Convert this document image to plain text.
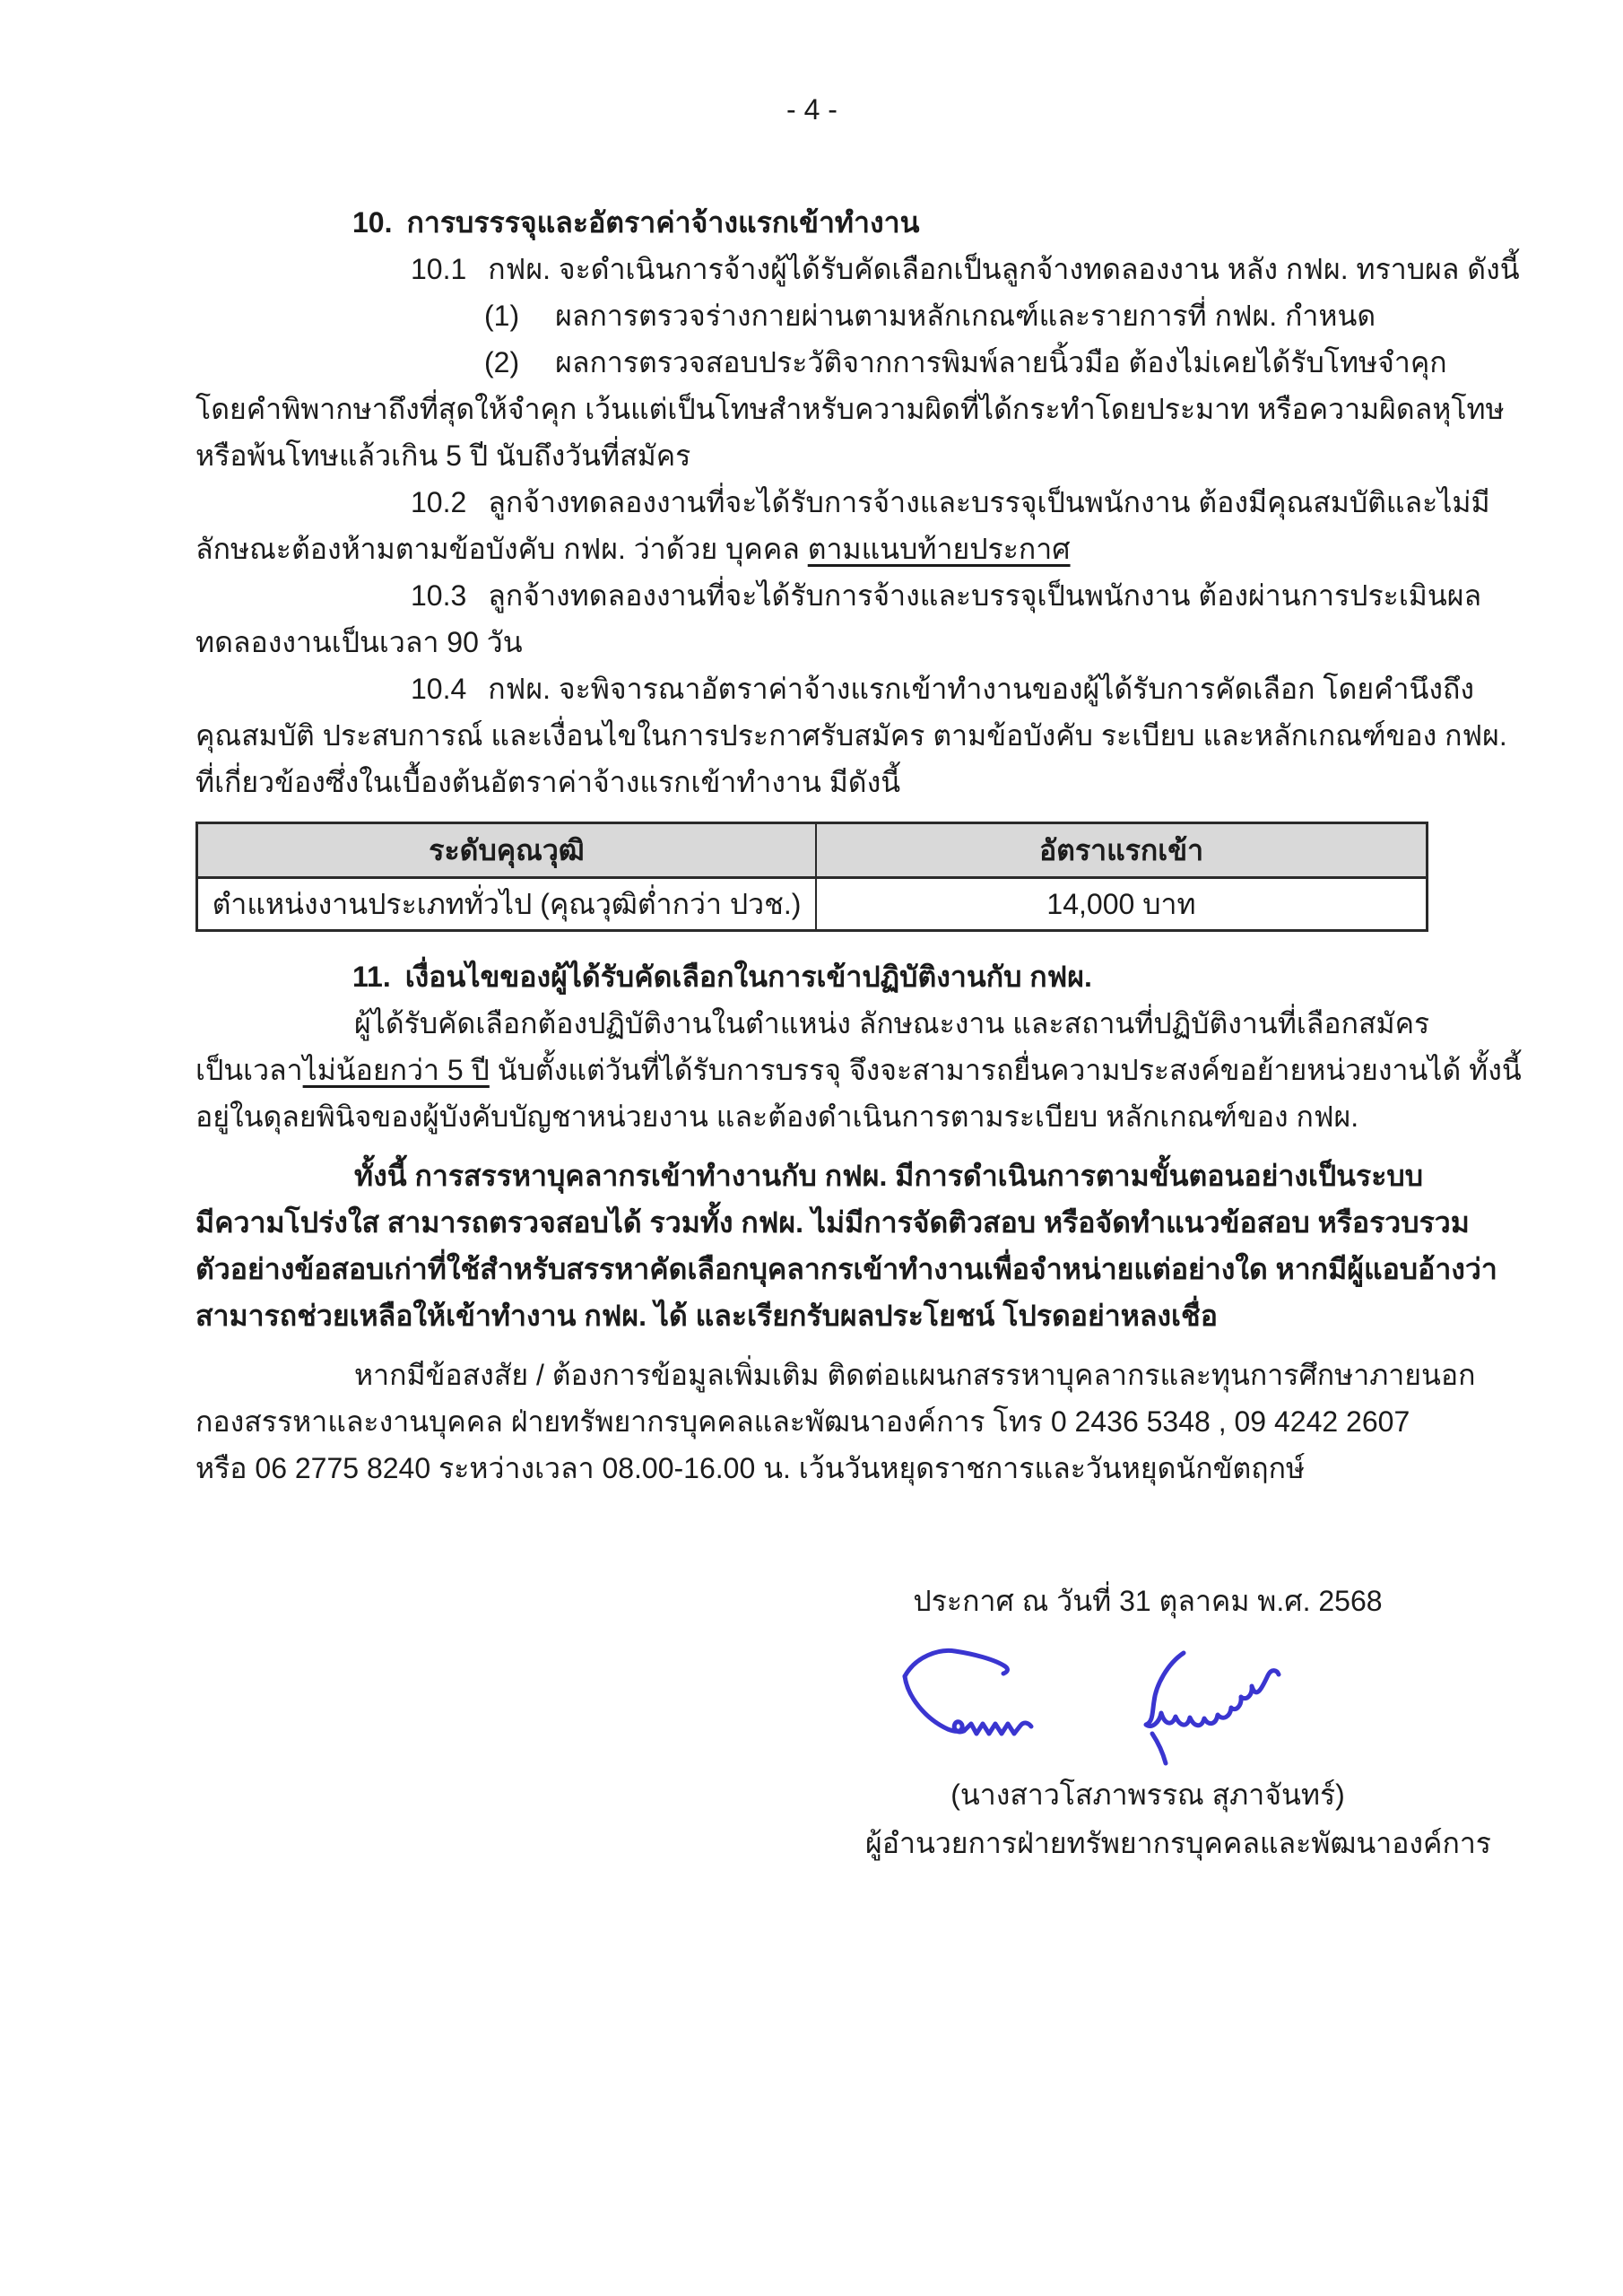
- 4 -
10. การบรรรจุและอัตราค่าจ้างแรกเข้าทำงาน
10.1 กฟผ. จะดำเนินการจ้างผู้ได้รับคัดเลือกเป็นลูกจ้างทดลองงาน หลัง กฟผ. ทราบผล ดังนี้
(1) ผลการตรวจร่างกายผ่านตามหลักเกณฑ์และรายการที่ กฟผ. กำหนด
(2) ผลการตรวจสอบประวัติจากการพิมพ์ลายนิ้วมือ ต้องไม่เคยได้รับโทษจำคุก
โดยคำพิพากษาถึงที่สุดให้จำคุก เว้นแต่เป็นโทษสำหรับความผิดที่ได้กระทำโดยประมาท หรือความผิดลหุโทษ
หรือพ้นโทษแล้วเกิน 5 ปี นับถึงวันที่สมัคร
10.2 ลูกจ้างทดลองงานที่จะได้รับการจ้างและบรรจุเป็นพนักงาน ต้องมีคุณสมบัติและไม่มี
ลักษณะต้องห้ามตามข้อบังคับ กฟผ. ว่าด้วย บุคคล ตามแนบท้ายประกาศ
10.3 ลูกจ้างทดลองงานที่จะได้รับการจ้างและบรรจุเป็นพนักงาน ต้องผ่านการประเมินผล
ทดลองงานเป็นเวลา 90 วัน
10.4 กฟผ. จะพิจารณาอัตราค่าจ้างแรกเข้าทำงานของผู้ได้รับการคัดเลือก โดยคำนึงถึง
คุณสมบัติ ประสบการณ์ และเงื่อนไขในการประกาศรับสมัคร ตามข้อบังคับ ระเบียบ และหลักเกณฑ์ของ กฟผ.
ที่เกี่ยวข้องซึ่งในเบื้องต้นอัตราค่าจ้างแรกเข้าทำงาน มีดังนี้
ระดับคุณวุฒิ	อัตราแรกเข้า
ตำแหน่งงานประเภททั่วไป (คุณวุฒิต่ำกว่า ปวช.)	14,000 บาท
11. เงื่อนไขของผู้ได้รับคัดเลือกในการเข้าปฏิบัติงานกับ กฟผ.
ผู้ได้รับคัดเลือกต้องปฏิบัติงานในตำแหน่ง ลักษณะงาน และสถานที่ปฏิบัติงานที่เลือกสมัคร
เป็นเวลาไม่น้อยกว่า 5 ปี นับตั้งแต่วันที่ได้รับการบรรจุ จึงจะสามารถยื่นความประสงค์ขอย้ายหน่วยงานได้ ทั้งนี้
อยู่ในดุลยพินิจของผู้บังคับบัญชาหน่วยงาน และต้องดำเนินการตามระเบียบ หลักเกณฑ์ของ กฟผ.
ทั้งนี้ การสรรหาบุคลากรเข้าทำงานกับ กฟผ. มีการดำเนินการตามขั้นตอนอย่างเป็นระบบ
มีความโปร่งใส สามารถตรวจสอบได้ รวมทั้ง กฟผ. ไม่มีการจัดติวสอบ หรือจัดทำแนวข้อสอบ หรือรวบรวม
ตัวอย่างข้อสอบเก่าที่ใช้สำหรับสรรหาคัดเลือกบุคลากรเข้าทำงานเพื่อจำหน่ายแต่อย่างใด หากมีผู้แอบอ้างว่า
สามารถช่วยเหลือให้เข้าทำงาน กฟผ. ได้ และเรียกรับผลประโยชน์ โปรดอย่าหลงเชื่อ
หากมีข้อสงสัย / ต้องการข้อมูลเพิ่มเติม ติดต่อแผนกสรรหาบุคลากรและทุนการศึกษาภายนอก
กองสรรหาและงานบุคคล ฝ่ายทรัพยากรบุคคลและพัฒนาองค์การ โทร 0 2436 5348 , 09 4242 2607
หรือ 06 2775 8240 ระหว่างเวลา 08.00-16.00 น. เว้นวันหยุดราชการและวันหยุดนักขัตฤกษ์
ประกาศ ณ วันที่ 31 ตุลาคม พ.ศ. 2568
(นางสาวโสภาพรรณ สุภาจันทร์)
ผู้อำนวยการฝ่ายทรัพยากรบุคคลและพัฒนาองค์การ
